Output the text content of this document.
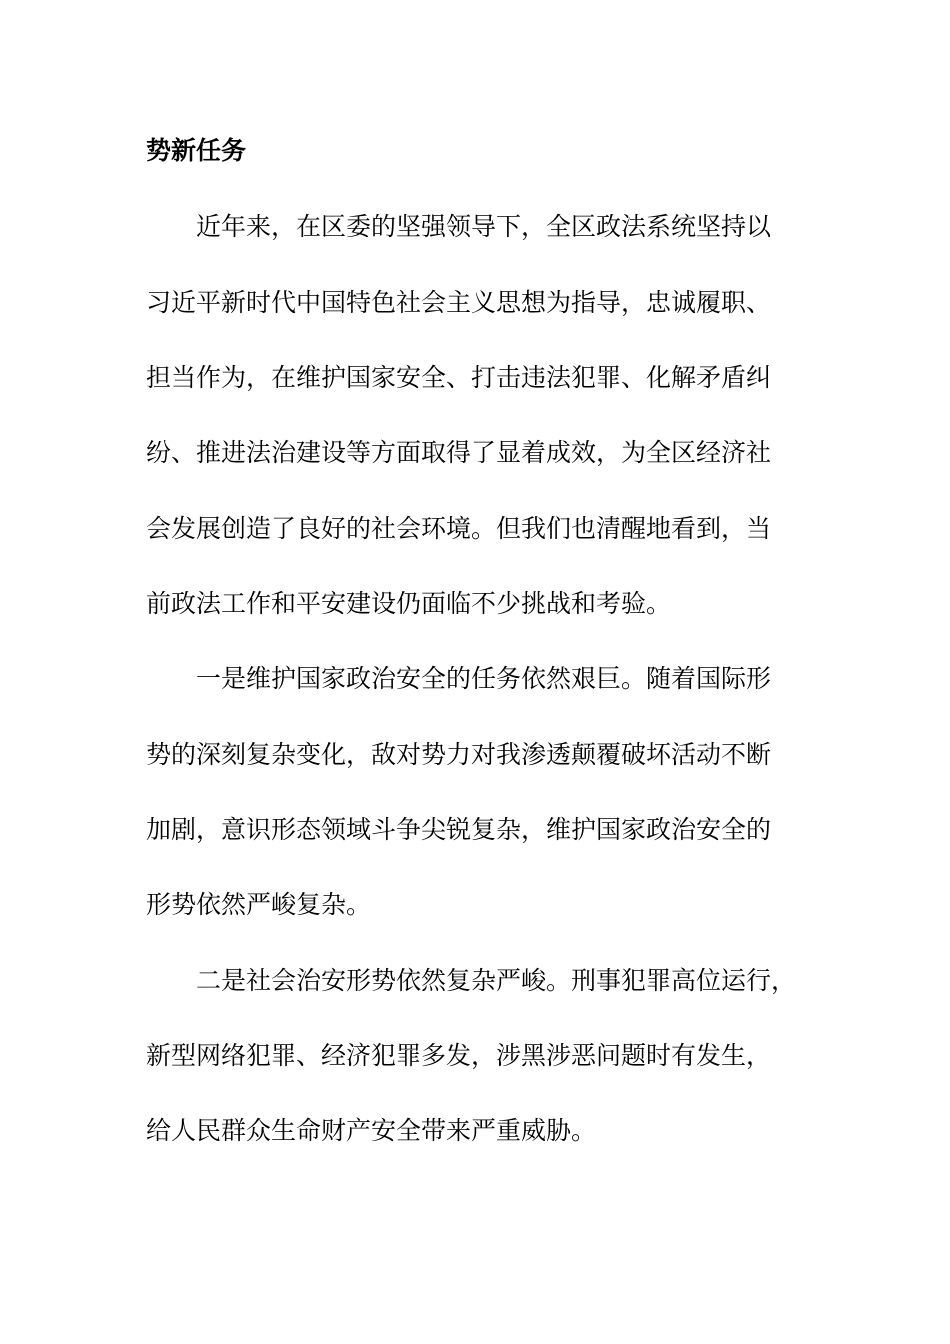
势新任务

近年来，在区委的坚强领导下，全区政法系统坚持以

习近平新时代中国特色社会主义思想为指导，忠诚履职、

担当作为，在维护国家安全、打击违法犯罪、化解矛盾纠

纷、推进法治建设等方面取得了显着成效，为全区经济社

会发展创造了良好的社会环境。但我们也清醒地看到，当

前政法工作和平安建设仍面临不少挑战和考验。

一是维护国家政治安全的任务依然艰巨。随着国际形

势的深刻复杂变化，敌对势力对我渗透颠覆破坏活动不断

加剧，意识形态领域斗争尖锐复杂，维护国家政治安全的

形势依然严峻复杂。

二是社会治安形势依然复杂严峻。刑事犯罪高位运行，

新型网络犯罪、经济犯罪多发，涉黑涉恶问题时有发生，

给人民群众生命财产安全带来严重威胁。
